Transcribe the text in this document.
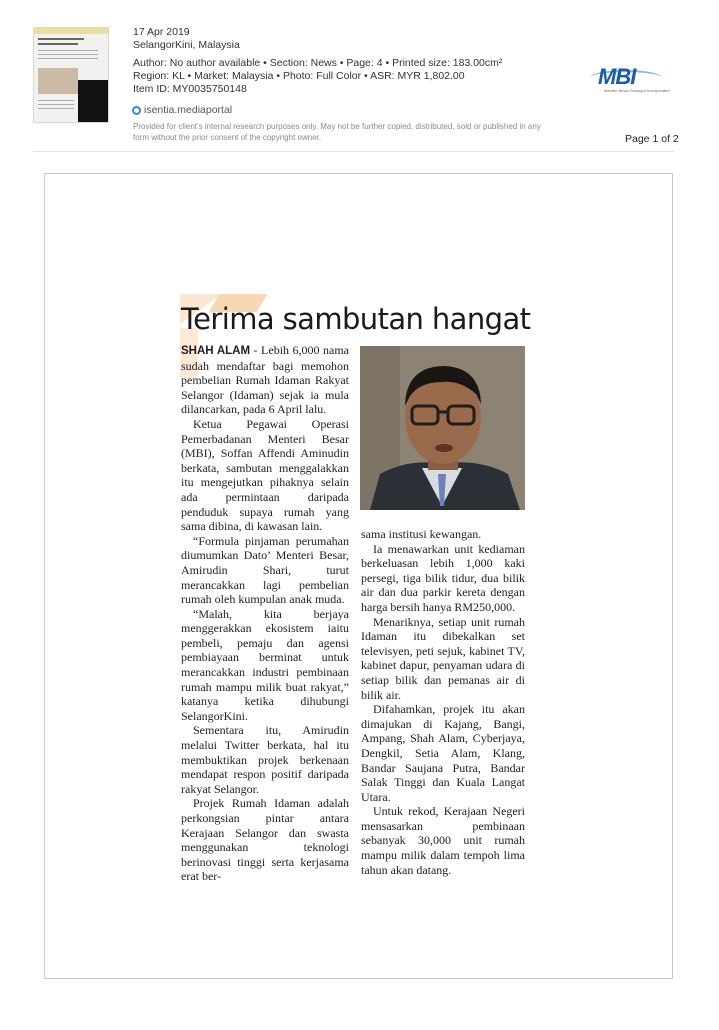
17 Apr 2019
SelangorKini, Malaysia
Author: No author available • Section: News • Page: 4 • Printed size: 183.00cm²
Region: KL • Market: Malaysia • Photo: Full Color • ASR: MYR 1,802.00
Item ID: MY0035750148
isentia.mediaportal
Provided for client's internal research purposes only. May not be further copied, distributed, sold or published in any form without the prior consent of the copyright owner.
MBI
Menteri Besar Selangor Incorporated
Page 1 of 2
Terima sambutan hangat

SHAH ALAM - Lebih 6,000 nama sudah mendaftar bagi memohon pembelian Rumah Idaman Rakyat Selangor (Idaman) sejak ia mula dilancarkan, pada 6 April lalu.

Ketua Pegawai Operasi Pemerbadanan Menteri Besar (MBI), Soffan Affendi Aminudin berkata, sambutan menggalakkan itu mengejutkan pihaknya selain ada permintaan daripada penduduk supaya rumah yang sama dibina, di kawasan lain.

“Formula pinjaman perumahan diumumkan Dato’ Menteri Besar, Amirudin Shari, turut merancakkan lagi pembelian rumah oleh kumpulan anak muda.

“Malah, kita berjaya menggerakkan ekosistem iaitu pembeli, pemaju dan agensi pembiayaan berminat untuk merancakkan industri pembinaan rumah mampu milik buat rakyat,” katanya ketika dihubungi SelangorKini.

Sementara itu, Amirudin melalui Twitter berkata, hal itu membuktikan projek berkenaan mendapat respon positif daripada rakyat Selangor.

Projek Rumah Idaman adalah perkongsian pintar antara Kerajaan Selangor dan swasta menggunakan teknologi berinovasi tinggi serta kerjasama erat ber-

sama institusi kewangan.

Ia menawarkan unit kediaman berkeluasan lebih 1,000 kaki persegi, tiga bilik tidur, dua bilik air dan dua parkir kereta dengan harga bersih hanya RM250,000.

Menariknya, setiap unit rumah Idaman itu dibekalkan set televisyen, peti sejuk, kabinet TV, kabinet dapur, penyaman udara di setiap bilik dan pemanas air di bilik air.

Difahamkan, projek itu akan dimajukan di Kajang, Bangi, Ampang, Shah Alam, Cyberjaya, Dengkil, Setia Alam, Klang, Bandar Saujana Putra, Bandar Salak Tinggi dan Kuala Langat Utara.

Untuk rekod, Kerajaan Negeri mensasarkan pembinaan sebanyak 30,000 unit rumah mampu milik dalam tempoh lima tahun akan datang.
